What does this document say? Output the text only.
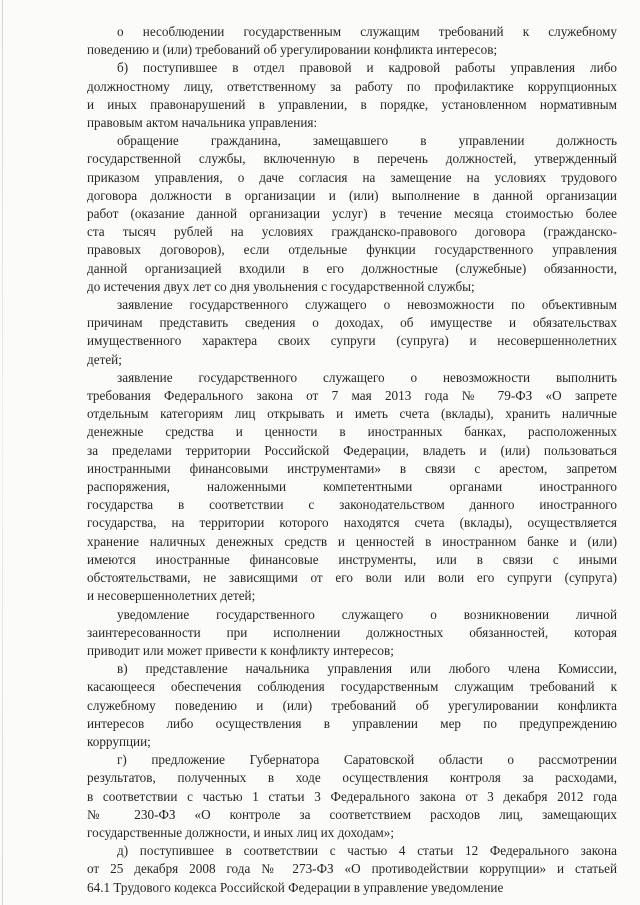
о несоблюдении государственным служащим требований к служебному
поведению и (или) требований об урегулировании конфликта интересов;
б) поступившее в отдел правовой и кадровой работы управления либо
должностному лицу, ответственному за работу по профилактике коррупционных
и иных правонарушений в управлении, в порядке, установленном нормативным
правовым актом начальника управления:
обращение гражданина, замещавшего в управлении должность
государственной службы, включенную в перечень должностей, утвержденный
приказом управления, о даче согласия на замещение на условиях трудового
договора должности в организации и (или) выполнение в данной организации
работ (оказание данной организации услуг) в течение месяца стоимостью более
ста тысяч рублей на условиях гражданско-правового договора (гражданско-
правовых договоров), если отдельные функции государственного управления
данной организацией входили в его должностные (служебные) обязанности,
до истечения двух лет со дня увольнения с государственной службы;
заявление государственного служащего о невозможности по объективным
причинам представить сведения о доходах, об имуществе и обязательствах
имущественного характера своих супруги (супруга) и несовершеннолетних
детей;
заявление государственного служащего о невозможности выполнить
требования Федерального закона от 7 мая 2013 года № 79-ФЗ «О запрете
отдельным категориям лиц открывать и иметь счета (вклады), хранить наличные
денежные средства и ценности в иностранных банках, расположенных
за пределами территории Российской Федерации, владеть и (или) пользоваться
иностранными финансовыми инструментами» в связи с арестом, запретом
распоряжения, наложенными компетентными органами иностранного
государства в соответствии с законодательством данного иностранного
государства, на территории которого находятся счета (вклады), осуществляется
хранение наличных денежных средств и ценностей в иностранном банке и (или)
имеются иностранные финансовые инструменты, или в связи с иными
обстоятельствами, не зависящими от его воли или воли его супруги (супруга)
и несовершеннолетних детей;
уведомление государственного служащего о возникновении личной
заинтересованности при исполнении должностных обязанностей, которая
приводит или может привести к конфликту интересов;
в) представление начальника управления или любого члена Комиссии,
касающееся обеспечения соблюдения государственным служащим требований к
служебному поведению и (или) требований об урегулировании конфликта
интересов либо осуществления в управлении мер по предупреждению
коррупции;
г) предложение Губернатора Саратовской области о рассмотрении
результатов, полученных в ходе осуществления контроля за расходами,
в соответствии с частью 1 статьи 3 Федерального закона от 3 декабря 2012 года
№ 230-ФЗ «О контроле за соответствием расходов лиц, замещающих
государственные должности, и иных лиц их доходам»;
д) поступившее в соответствии с частью 4 статьи 12 Федерального закона
от 25 декабря 2008 года № 273-ФЗ «О противодействии коррупции» и статьей
64.1 Трудового кодекса Российской Федерации в управление уведомление
